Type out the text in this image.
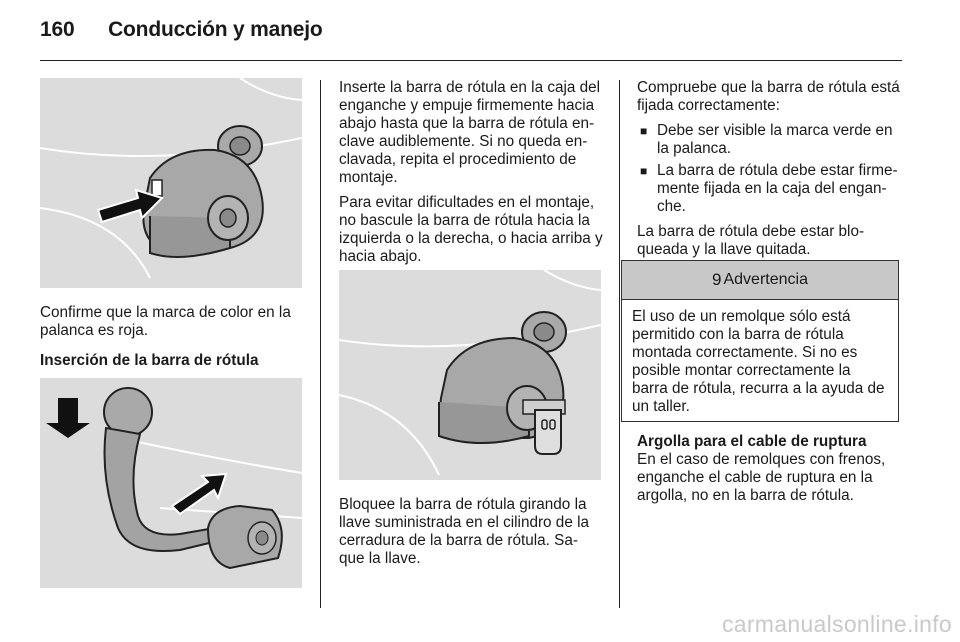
160 Conducción y manejo

Confirme que la marca de color en la palanca es roja.

Inserción de la barra de rótula

Inserte la barra de rótula en la caja del enganche y empuje firmemente hacia abajo hasta que la barra de rótula en-clave audiblemente. Si no queda en-clavada, repita el procedimiento de montaje.

Para evitar dificultades en el montaje, no bascule la barra de rótula hacia la izquierda o la derecha, o hacia arriba y hacia abajo.

Bloquee la barra de rótula girando la llave suministrada en el cilindro de la cerradura de la barra de rótula. Sa-que la llave.

Compruebe que la barra de rótula está fijada correctamente:

■ Debe ser visible la marca verde en la palanca.
■ La barra de rótula debe estar firme-mente fijada en la caja del engan-che.

La barra de rótula debe estar blo-queada y la llave quitada.

9 Advertencia
El uso de un remolque sólo está permitido con la barra de rótula montada correctamente. Si no es posible montar correctamente la barra de rótula, recurra a la ayuda de un taller.

Argolla para el cable de ruptura

En el caso de remolques con frenos, enganche el cable de ruptura en la argolla, no en la barra de rótula.

carmanualsonline.info
